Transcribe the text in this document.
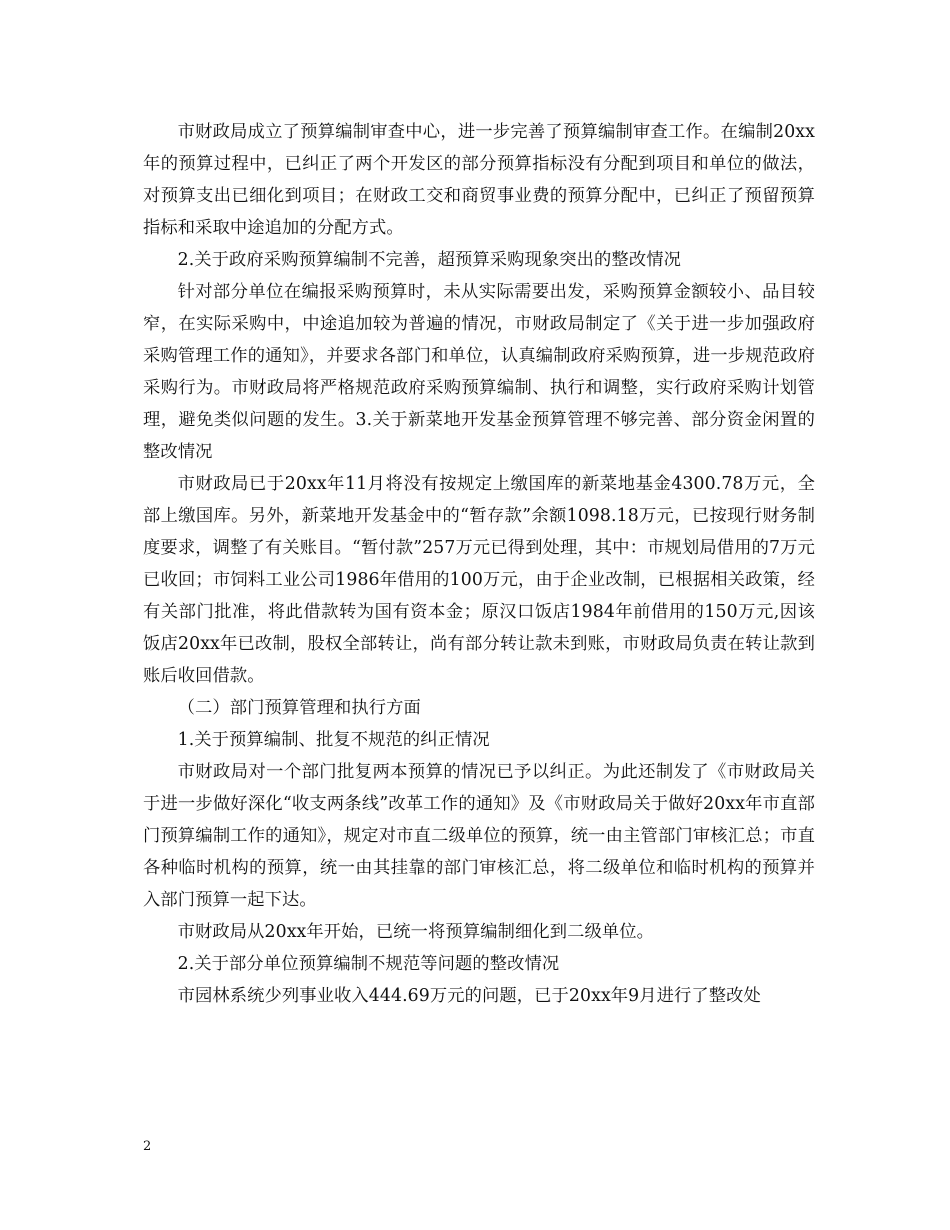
市财政局成立了预算编制审查中心，进一步完善了预算编制审查工作。在编制20xx年的预算过程中，已纠正了两个开发区的部分预算指标没有分配到项目和单位的做法，对预算支出已细化到项目；在财政工交和商贸事业费的预算分配中，已纠正了预留预算指标和采取中途追加的分配方式。

2.关于政府采购预算编制不完善，超预算采购现象突出的整改情况

针对部分单位在编报采购预算时，未从实际需要出发，采购预算金额较小、品目较窄，在实际采购中，中途追加较为普遍的情况，市财政局制定了《关于进一步加强政府采购管理工作的通知》，并要求各部门和单位，认真编制政府采购预算，进一步规范政府采购行为。市财政局将严格规范政府采购预算编制、执行和调整，实行政府采购计划管理，避免类似问题的发生。3.关于新菜地开发基金预算管理不够完善、部分资金闲置的整改情况

市财政局已于20xx年11月将没有按规定上缴国库的新菜地基金4300.78万元，全部上缴国库。另外，新菜地开发基金中的“暂存款”余额1098.18万元，已按现行财务制度要求，调整了有关账目。“暂付款”257万元已得到处理，其中：市规划局借用的7万元已收回；市饲料工业公司1986年借用的100万元，由于企业改制，已根据相关政策，经有关部门批准，将此借款转为国有资本金；原汉口饭店1984年前借用的150万元,因该饭店20xx年已改制，股权全部转让，尚有部分转让款未到账，市财政局负责在转让款到账后收回借款。

（二）部门预算管理和执行方面

1.关于预算编制、批复不规范的纠正情况

市财政局对一个部门批复两本预算的情况已予以纠正。为此还制发了《市财政局关于进一步做好深化“收支两条线”改革工作的通知》及《市财政局关于做好20xx年市直部门预算编制工作的通知》，规定对市直二级单位的预算，统一由主管部门审核汇总；市直各种临时机构的预算，统一由其挂靠的部门审核汇总，将二级单位和临时机构的预算并入部门预算一起下达。

市财政局从20xx年开始，已统一将预算编制细化到二级单位。

2.关于部分单位预算编制不规范等问题的整改情况

市园林系统少列事业收入444.69万元的问题，已于20xx年9月进行了整改处

2
